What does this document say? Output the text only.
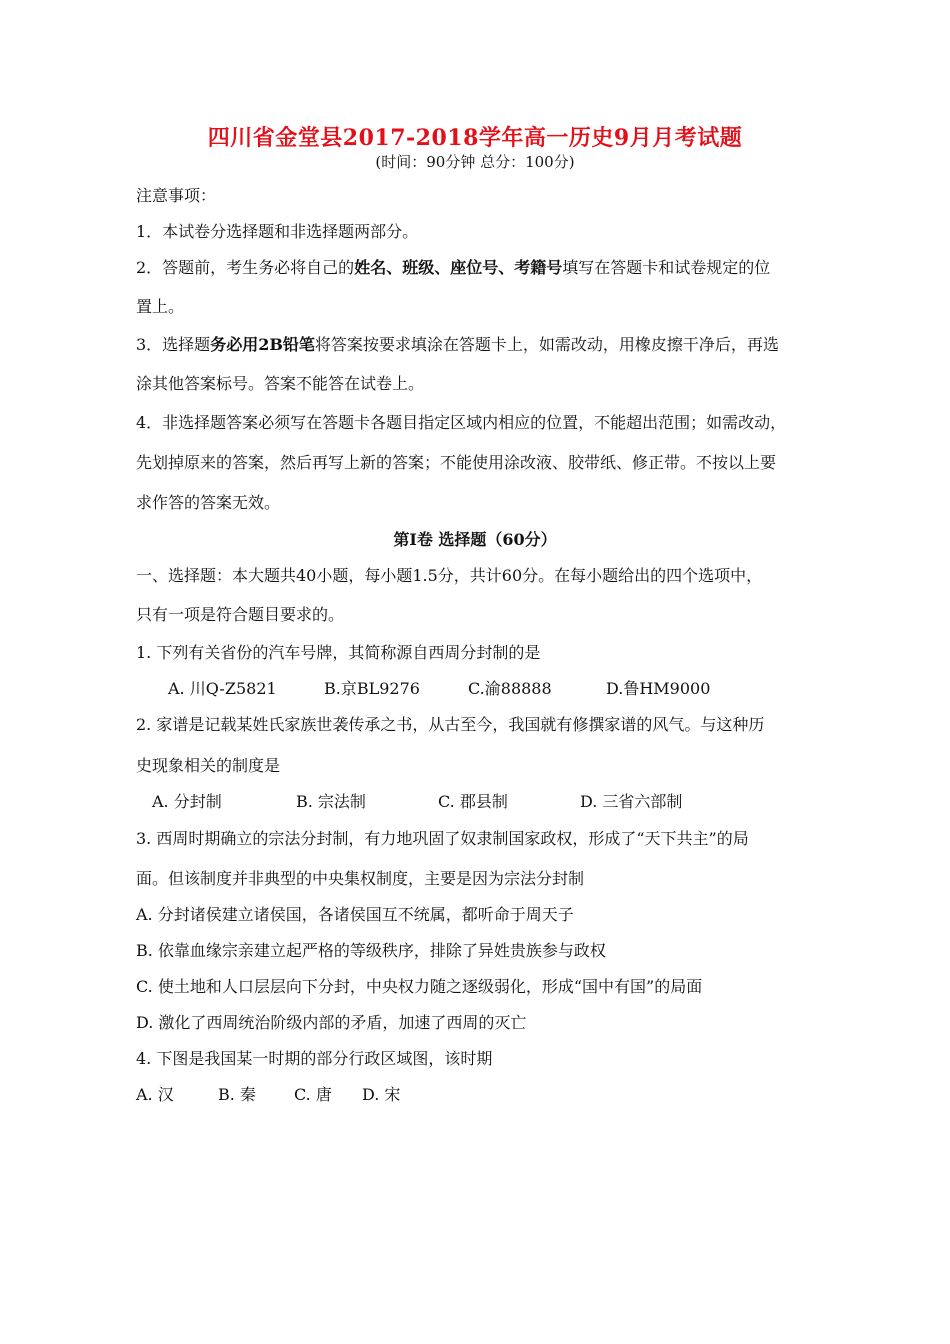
四川省金堂县2017-2018学年高一历史9月月考试题
(时间：90分钟 总分：100分)
注意事项：
1．本试卷分选择题和非选择题两部分。
2．答题前，考生务必将自己的姓名、班级、座位号、考籍号填写在答题卡和试卷规定的位
置上。
3．选择题务必用2B铅笔将答案按要求填涂在答题卡上，如需改动，用橡皮擦干净后，再选
涂其他答案标号。答案不能答在试卷上。
4．非选择题答案必须写在答题卡各题目指定区域内相应的位置，不能超出范围；如需改动，
先划掉原来的答案，然后再写上新的答案；不能使用涂改液、胶带纸、修正带。不按以上要
求作答的答案无效。
第Ⅰ卷 选择题（60分）
一、选择题：本大题共40小题，每小题1.5分，共计60分。在每小题给出的四个选项中，
只有一项是符合题目要求的。
1. 下列有关省份的汽车号牌，其简称源自西周分封制的是
A. 川Q-Z5821	B.京BL9276	C.渝88888	D.鲁HM9000
2. 家谱是记载某姓氏家族世袭传承之书，从古至今，我国就有修撰家谱的风气。与这种历
史现象相关的制度是
A. 分封制	B. 宗法制	C. 郡县制	D. 三省六部制
3. 西周时期确立的宗法分封制，有力地巩固了奴隶制国家政权，形成了“天下共主”的局
面。但该制度并非典型的中央集权制度，主要是因为宗法分封制
A. 分封诸侯建立诸侯国，各诸侯国互不统属，都听命于周天子
B. 依靠血缘宗亲建立起严格的等级秩序，排除了异姓贵族参与政权
C. 使土地和人口层层向下分封，中央权力随之逐级弱化，形成“国中有国”的局面
D. 激化了西周统治阶级内部的矛盾，加速了西周的灭亡
4. 下图是我国某一时期的部分行政区域图，该时期
A. 汉	B. 秦 C. 唐 D. 宋
